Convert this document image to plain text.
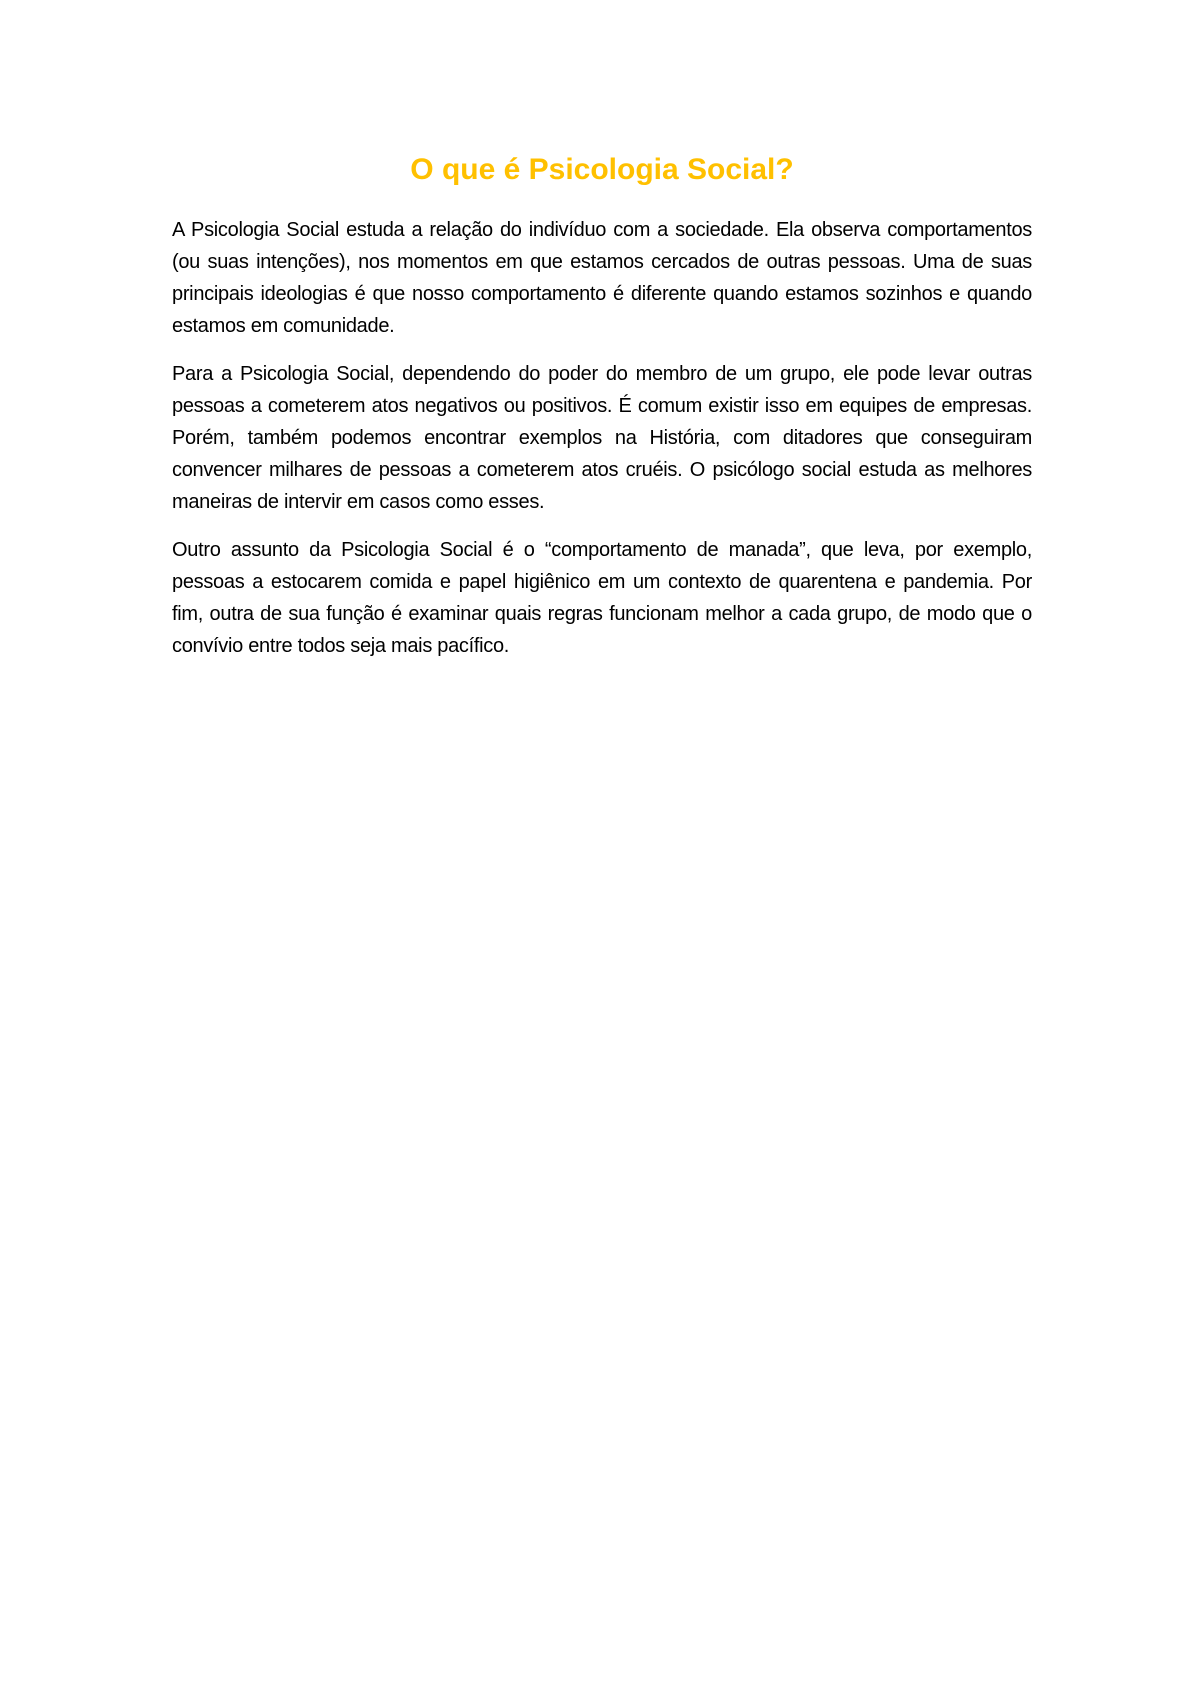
O que é Psicologia Social?

A Psicologia Social estuda a relação do indivíduo com a sociedade. Ela observa comportamentos (ou suas intenções), nos momentos em que estamos cercados de outras pessoas. Uma de suas principais ideologias é que nosso comportamento é diferente quando estamos sozinhos e quando estamos em comunidade.

Para a Psicologia Social, dependendo do poder do membro de um grupo, ele pode levar outras pessoas a cometerem atos negativos ou positivos. É comum existir isso em equipes de empresas. Porém, também podemos encontrar exemplos na História, com ditadores que conseguiram convencer milhares de pessoas a cometerem atos cruéis. O psicólogo social estuda as melhores maneiras de intervir em casos como esses.

Outro assunto da Psicologia Social é o “comportamento de manada”, que leva, por exemplo, pessoas a estocarem comida e papel higiênico em um contexto de quarentena e pandemia. Por fim, outra de sua função é examinar quais regras funcionam melhor a cada grupo, de modo que o convívio entre todos seja mais pacífico.
